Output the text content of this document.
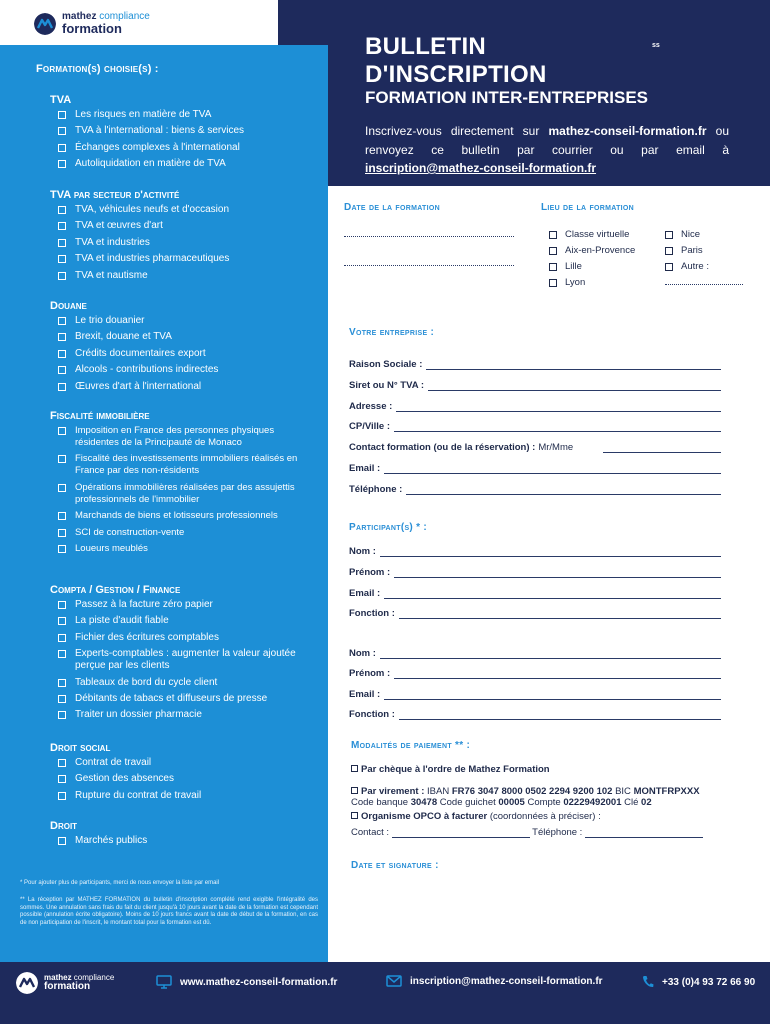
mathez compliance
formation
BULLETIN
D'INSCRIPTION
ss
FORMATION INTER-ENTREPRISES
Inscrivez-vous directement sur mathez-conseil-formation.fr ou renvoyez ce bulletin par courrier ou par email à inscription@mathez-conseil-formation.fr
Formation(s) choisie(s) :
TVA
Les risques en matière de TVA
TVA à l'international : biens & services
Échanges complexes à l'international
Autoliquidation en matière de TVA
TVA par secteur d'activité
TVA, véhicules neufs et d'occasion
TVA et œuvres d'art
TVA et industries
TVA et industries pharmaceutiques
TVA et nautisme
Douane
Le trio douanier
Brexit, douane et TVA
Crédits documentaires export
Alcools - contributions indirectes
Œuvres d'art à l'international
Fiscalité immobilière
Imposition en France des personnes physiques résidentes de la Principauté de Monaco
Fiscalité des investissements immobiliers réalisés en France par des non-résidents
Opérations immobilières réalisées par des assujettis professionnels de l'immobilier
Marchands de biens et lotisseurs professionnels
SCI de construction-vente
Loueurs meublés
Compta / Gestion / Finance
Passez à la facture zéro papier
La piste d'audit fiable
Fichier des écritures comptables
Experts-comptables : augmenter la valeur ajoutée perçue par les clients
Tableaux de bord du cycle client
Débitants de tabacs et diffuseurs de presse
Traiter un dossier pharmacie
Droit social
Contrat de travail
Gestion des absences
Rupture du contrat de travail
Droit
Marchés publics
* Pour ajouter plus de participants, merci de nous envoyer la liste par email
** La réception par MATHEZ FORMATION du bulletin d'inscription complété rend exigible l'intégralité des sommes. Une annulation sans frais du fait du client jusqu'à 10 jours avant la date de la formation est cependant possible (annulation écrite obligatoire). Moins de 10 jours francs avant la date de début de la formation, en cas de non participation de l'inscrit, le montant total pour la formation est dû.
Date de la formation	Lieu de la formation
Classe virtuelle
Aix-en-Provence
Lille
Lyon
Nice
Paris
Autre :
Votre entreprise :
Raison Sociale :
Siret ou N° TVA :
Adresse :
CP/Ville :
Contact formation (ou de la réservation) : Mr/Mme
Email :
Téléphone :
Participant(s) * :
Nom :
Prénom :
Email :
Fonction :
Nom :
Prénom :
Email :
Fonction :
Modalités de paiement ** :
Par chèque à l'ordre de Mathez Formation
Par virement : IBAN FR76 3047 8000 0502 2294 9200 102 BIC MONTFRPXXX
Code banque 30478 Code guichet 00005 Compte 02229492001 Clé 02
Organisme OPCO à facturer (coordonnées à préciser) :
Contact :	Téléphone :
Date et signature :
mathez compliance
formation	www.mathez-conseil-formation.fr	inscription@mathez-conseil-formation.fr	+33 (0)4 93 72 66 90
